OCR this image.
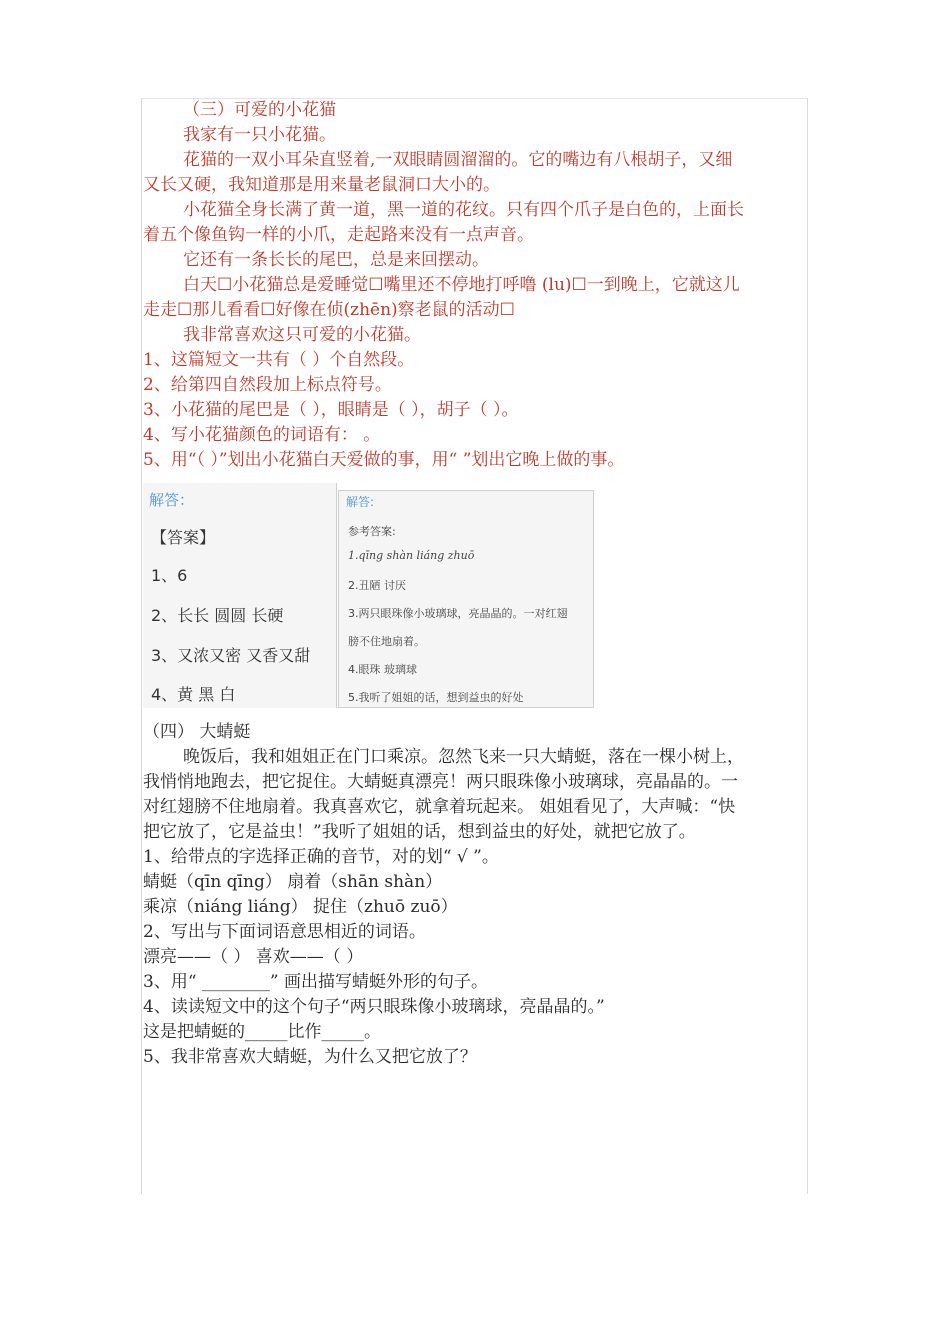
（三）可爱的小花猫
我家有一只小花猫。
花猫的一双小耳朵直竖着,一双眼睛圆溜溜的。它的嘴边有八根胡子，又细
又长又硬，我知道那是用来量老鼠洞口大小的。
小花猫全身长满了黄一道，黑一道的花纹。只有四个爪子是白色的，上面长
着五个像鱼钩一样的小爪，走起路来没有一点声音。
它还有一条长长的尾巴，总是来回摆动。
白天☐小花猫总是爱睡觉☐嘴里还不停地打呼噜 (lu)☐一到晚上，它就这儿
走走☐那儿看看☐好像在侦(zhēn)察老鼠的活动☐
我非常喜欢这只可爱的小花猫。
1、这篇短文一共有（ ）个自然段。
2、给第四自然段加上标点符号。
3、小花猫的尾巴是（ ），眼睛是（ ），胡子（ ）。
4、写小花猫颜色的词语有： 。
5、用“（ ）”划出小花猫白天爱做的事，用“ ”划出它晚上做的事。
解答：
【答案】
1、6
2、长长 圆圆 长硬
3、又浓又密 又香又甜
4、黄 黑 白
解答:
参考答案:
1.qīng shàn liáng zhuō
2.丑陋 讨厌
3.两只眼珠像小玻璃球，亮晶晶的。一对红翅
膀不住地扇着。
4.眼珠 玻璃球
5.我听了姐姐的话，想到益虫的好处
（四） 大蜻蜓
晚饭后，我和姐姐正在门口乘凉。忽然飞来一只大蜻蜓，落在一棵小树上，
我悄悄地跑去，把它捉住。大蜻蜓真漂亮！两只眼珠像小玻璃球，亮晶晶的。一
对红翅膀不住地扇着。我真喜欢它，就拿着玩起来。 姐姐看见了，大声喊：“快
把它放了，它是益虫！”我听了姐姐的话，想到益虫的好处，就把它放了。
1、给带点的字选择正确的音节，对的划“ √ ”。
蜻蜓（qīn qīng） 扇着（shān shàn）
乘凉（niáng liáng） 捉住（zhuō zuō）
2、写出与下面词语意思相近的词语。
漂亮——（ ） 喜欢——（ ）
3、用“ ________” 画出描写蜻蜓外形的句子。
4、读读短文中的这个句子“两只眼珠像小玻璃球，亮晶晶的。”
这是把蜻蜓的_____比作_____。
5、我非常喜欢大蜻蜓，为什么又把它放了？
